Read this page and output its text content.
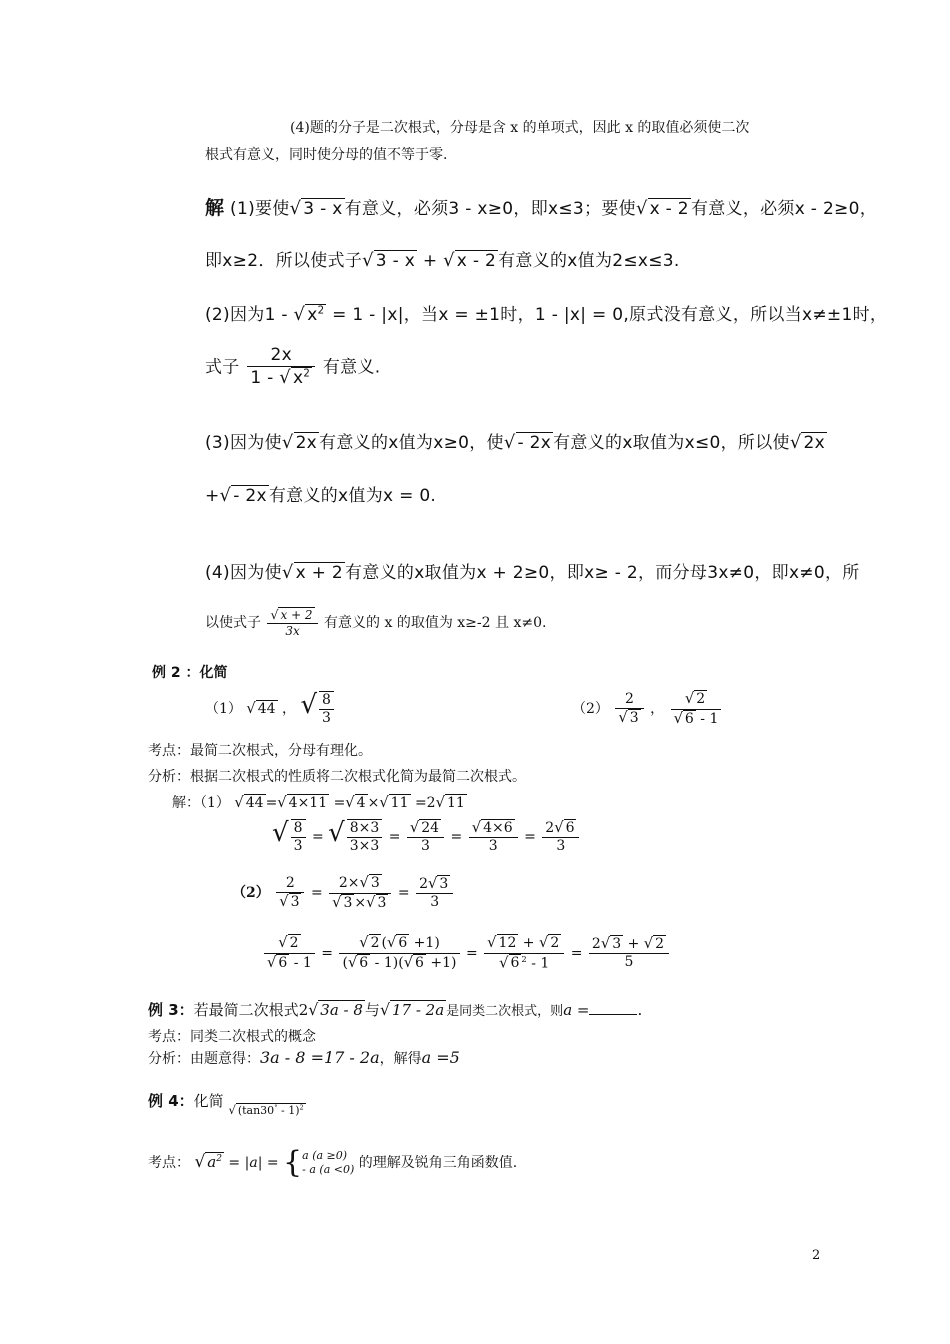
(4)题的分子是二次根式，分母是含 x 的单项式，因此 x 的取值必须使二次
根式有意义，同时使分母的值不等于零.
解 (1)要使√ 3 - x 有意义，必须3 - x≥0，即x≤3；要使√ x - 2 有意义，必须x - 2≥0，
即x≥2．所以使式子√ 3 - x + √ x - 2 有意义的x值为2≤x≤3.
(2)因为1 - √ $x^2 = 1 - |x|$，当x = ±1时，1 - |x| = 0,原式没有意义，所以当x≠±1时，
式子 $\frac{2x}{1 - √ x^2}$ 有意义.
(3)因为使√ 2x 有意义的x值为x≥0，使√ - 2x 有意义的x取值为x≤0，所以使√ 2x
+√ - 2x 有意义的x值为x = 0.
(4)因为使√ x + 2 有意义的x取值为x + 2≥0，即x≥ - 2，而分母3x≠0，即x≠0，所
以使式子 $\frac{√ x + 2}{3x}$ 有意义的 x 的取值为 x≥-2 且 x≠0.
例 2 ：化简
（1） √ 44 ， √ $\frac{8}{3}$	$(2) \frac{2}{√ 3}$ ， $\frac{√ 2}{√ 6 - 1}$
考点：最简二次根式，分母有理化。
分析：根据二次根式的性质将二次根式化简为最简二次根式。
解：（1） √ 44 =√ 4×11 =√ 4 ×√ 11 =2√ 11
√ $\frac{8}{3}$ = √ $\frac{8\times 3}{3\times 3} = \frac{√ 24}{3} = \frac{√ 4\times 6}{3} = \frac{2√ 6}{3}$
$(2) \frac{2}{√ 3} = \frac{2\times√ 3}{√ 3 \times√ 3} = \frac{2√ 3}{3}$
$\frac{√ 2}{√ 6 - 1} = \frac{√ 2 (√ 6 +1)}{(√ 6 - 1)(√ 6 +1)} = \frac{√ 12 + √ 2}{√ 6 ^2 - 1} = \frac{2√ 3 + √ 2}{5}$
例 3：若最简二次根式2√ 3a - 8 与√ 17 - 2a 是同类二次根式，则a =	.
考点：同类二次根式的概念
分析：由题意得：3a - 8 =17 - 2a，解得a =5
例 4：化简 $_{√ (tan30^\circ - 1)^2}$
考点： √ $a^2 = |a|$ = { a (a ≥0)
- a (a <0) 的理解及锐角三角函数值.
2
